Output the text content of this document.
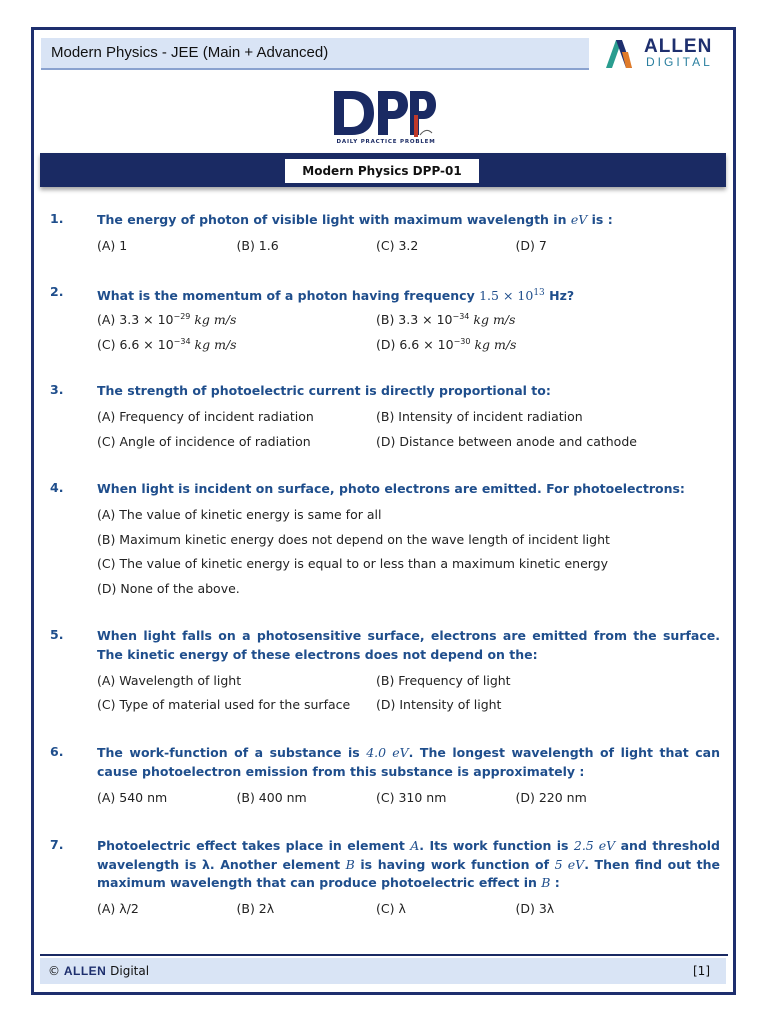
Modern Physics - JEE (Main + Advanced)	ALLEN
DIGITAL
DAILY PRACTICE PROBLEM
Modern Physics DPP-01
1.	The energy of photon of visible light with maximum wavelength in eV is :
(A) 1	(B) 1.6	(C) 3.2	(D) 7
2.	What is the momentum of a photon having frequency $1.5 \times 10^{13}$ Hz?
(A) $3.3 \times 10^{-29}$ kg m/s	(B) $3.3 \times 10^{-34}$ kg m/s
(C) $6.6 \times 10^{-34}$ kg m/s	(D) $6.6 \times 10^{-30}$ kg m/s
3.	The strength of photoelectric current is directly proportional to:
(A) Frequency of incident radiation	(B) Intensity of incident radiation
(C) Angle of incidence of radiation	(D) Distance between anode and cathode
4.	When light is incident on surface, photo electrons are emitted. For photoelectrons:
(A) The value of kinetic energy is same for all
(B) Maximum kinetic energy does not depend on the wave length of incident light
(C) The value of kinetic energy is equal to or less than a maximum kinetic energy
(D) None of the above.
5.	When light falls on a photosensitive surface, electrons are emitted from the surface. The kinetic energy of these electrons does not depend on the:
(A) Wavelength of light	(B) Frequency of light
(C) Type of material used for the surface	(D) Intensity of light
6.	The work-function of a substance is 4.0 eV. The longest wavelength of light that can cause photoelectron emission from this substance is approximately :
(A) 540 nm	(B) 400 nm	(C) 310 nm	(D) 220 nm
7.	Photoelectric effect takes place in element A. Its work function is 2.5 eV and threshold wavelength is λ. Another element B is having work function of 5 eV. Then find out the maximum wavelength that can produce photoelectric effect in B :
(A) λ/2	(B) 2λ	(C) λ	(D) 3λ
© ALLEN Digital	[1]
